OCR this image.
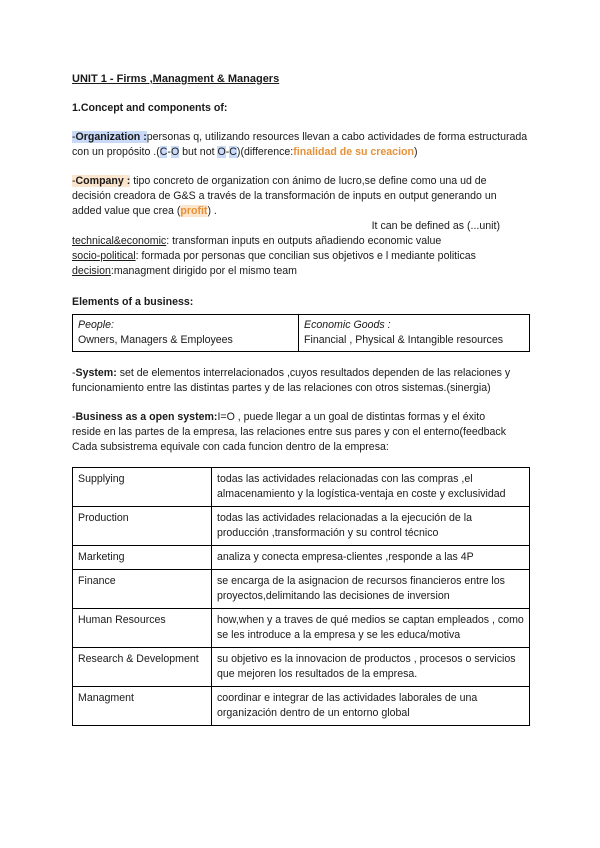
UNIT 1 - Firms ,Managment & Managers

1.Concept and components of:

-Organization :personas q, utilizando resources llevan a cabo actividades de forma estructurada con un propósito .(C-O but not O-C)(difference:finalidad de su creacion)

-Company : tipo concreto de organization con ánimo de lucro,se define como una ud de decisión creadora de G&S a través de la transformación de inputs en output generando un added value que crea (profit) .

It can be defined as (...unit)

technical&economic: transforman inputs en outputs añadiendo economic value

socio-political: formada por personas que concilian sus objetivos e l mediante politicas

decision:managment dirigido por el mismo team

Elements of a business:

People:
Owners, Managers & Employees

Economic Goods :
Financial , Physical & Intangible resources

-System: set de elementos interrelacionados ,cuyos resultados dependen de las relaciones y funcionamiento entre las distintas partes y de las relaciones con otros sistemas.(sinergia)

-Business as a open system:I=O , puede llegar a un goal de distintas formas y el éxito

reside en las partes de la empresa, las relaciones entre sus pares y con el enterno(feedback

Cada subsistrema equivale con cada funcion dentro de la empresa:

Supplying	todas las actividades relacionadas con las compras ,el almacenamiento y la logística-ventaja en coste y exclusividad
Production	todas las actividades relacionadas a la ejecución de la producción ,transformación y su control técnico
Marketing	analiza y conecta empresa-clientes ,responde a las 4P
Finance	se encarga de la asignacion de recursos financieros entre los proyectos,delimitando las decisiones de inversion
Human Resources	how,when y a traves de qué medios se captan empleados , como se les introduce a la empresa y se les educa/motiva
Research & Development	su objetivo es la innovacion de productos , procesos o servicios que mejoren los resultados de la empresa.
Managment	coordinar e integrar de las actividades laborales de una organización dentro de un entorno global
